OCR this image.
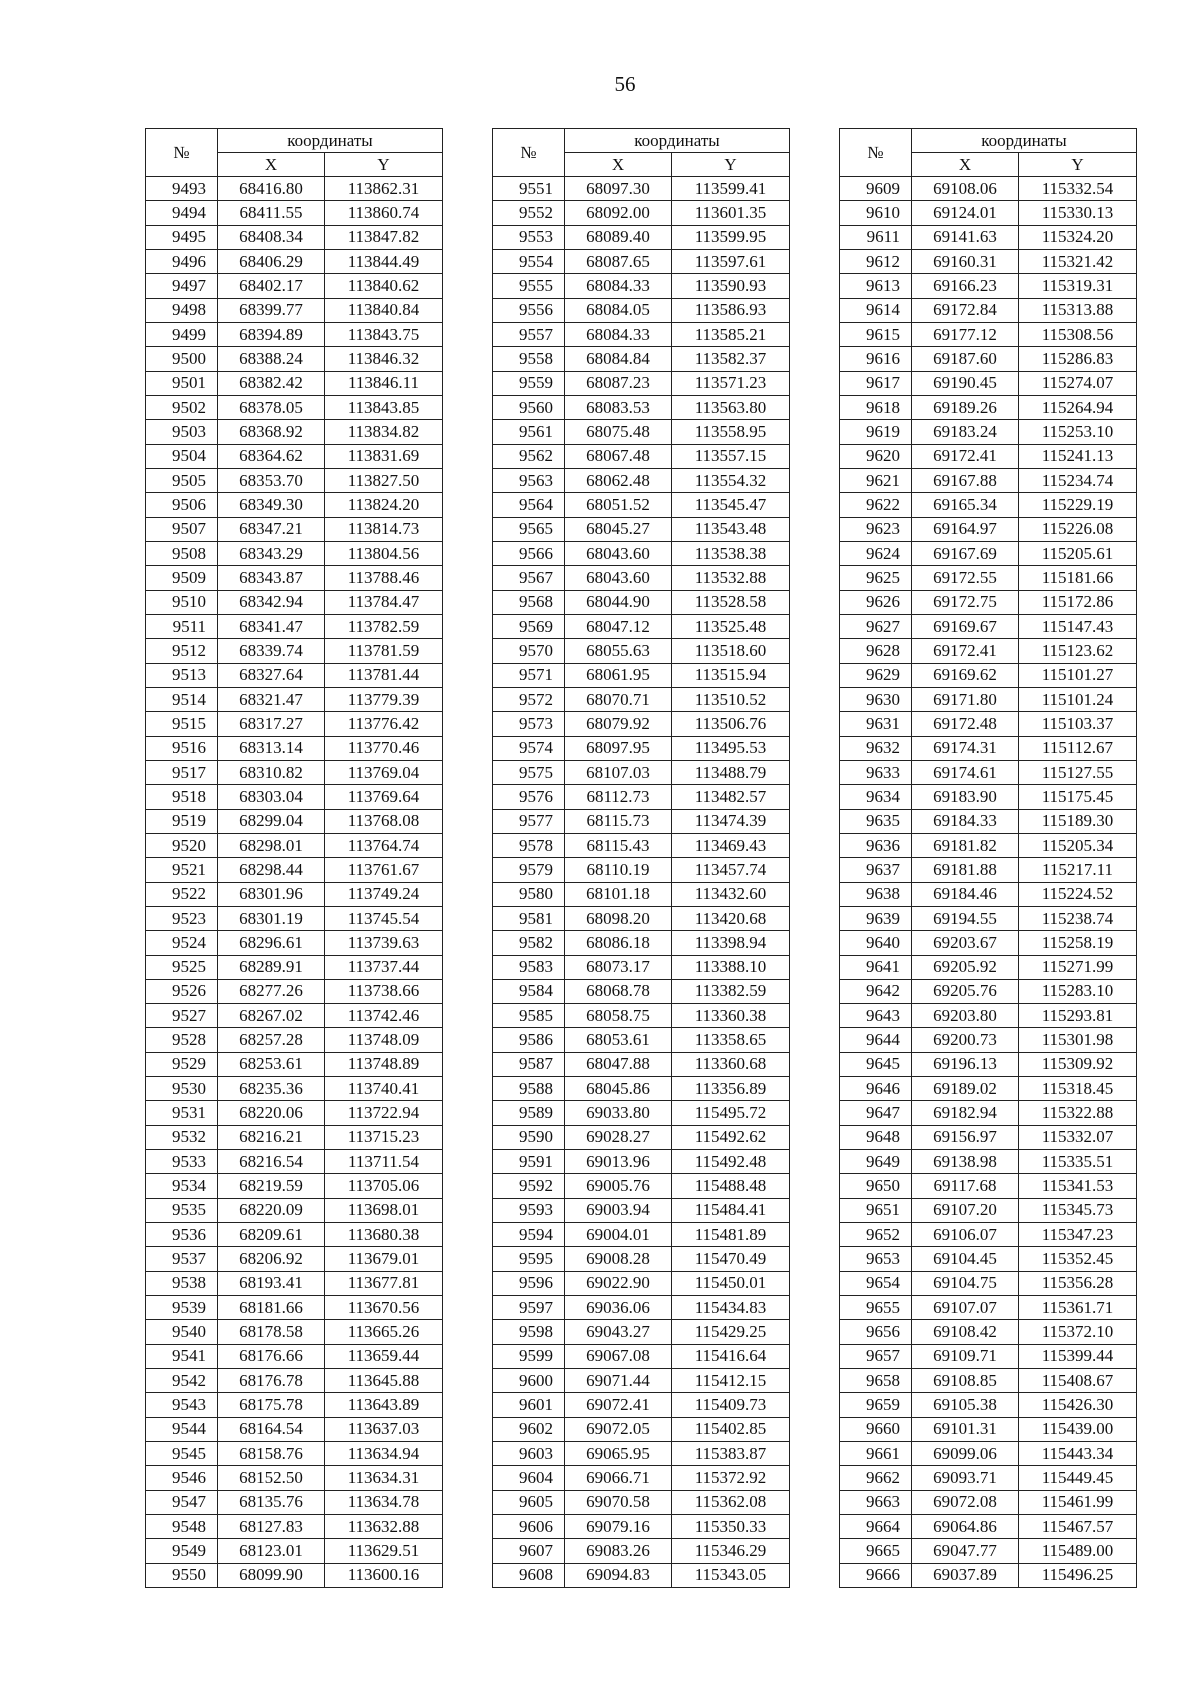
56
№	координаты	
	X	Y
9493	68416.80	113862.31
9494	68411.55	113860.74
9495	68408.34	113847.82
9496	68406.29	113844.49
9497	68402.17	113840.62
9498	68399.77	113840.84
9499	68394.89	113843.75
9500	68388.24	113846.32
9501	68382.42	113846.11
9502	68378.05	113843.85
9503	68368.92	113834.82
9504	68364.62	113831.69
9505	68353.70	113827.50
9506	68349.30	113824.20
9507	68347.21	113814.73
9508	68343.29	113804.56
9509	68343.87	113788.46
9510	68342.94	113784.47
9511	68341.47	113782.59
9512	68339.74	113781.59
9513	68327.64	113781.44
9514	68321.47	113779.39
9515	68317.27	113776.42
9516	68313.14	113770.46
9517	68310.82	113769.04
9518	68303.04	113769.64
9519	68299.04	113768.08
9520	68298.01	113764.74
9521	68298.44	113761.67
9522	68301.96	113749.24
9523	68301.19	113745.54
9524	68296.61	113739.63
9525	68289.91	113737.44
9526	68277.26	113738.66
9527	68267.02	113742.46
9528	68257.28	113748.09
9529	68253.61	113748.89
9530	68235.36	113740.41
9531	68220.06	113722.94
9532	68216.21	113715.23
9533	68216.54	113711.54
9534	68219.59	113705.06
9535	68220.09	113698.01
9536	68209.61	113680.38
9537	68206.92	113679.01
9538	68193.41	113677.81
9539	68181.66	113670.56
9540	68178.58	113665.26
9541	68176.66	113659.44
9542	68176.78	113645.88
9543	68175.78	113643.89
9544	68164.54	113637.03
9545	68158.76	113634.94
9546	68152.50	113634.31
9547	68135.76	113634.78
9548	68127.83	113632.88
9549	68123.01	113629.51
9550	68099.90	113600.16
№	координаты	
	X	Y
9551	68097.30	113599.41
9552	68092.00	113601.35
9553	68089.40	113599.95
9554	68087.65	113597.61
9555	68084.33	113590.93
9556	68084.05	113586.93
9557	68084.33	113585.21
9558	68084.84	113582.37
9559	68087.23	113571.23
9560	68083.53	113563.80
9561	68075.48	113558.95
9562	68067.48	113557.15
9563	68062.48	113554.32
9564	68051.52	113545.47
9565	68045.27	113543.48
9566	68043.60	113538.38
9567	68043.60	113532.88
9568	68044.90	113528.58
9569	68047.12	113525.48
9570	68055.63	113518.60
9571	68061.95	113515.94
9572	68070.71	113510.52
9573	68079.92	113506.76
9574	68097.95	113495.53
9575	68107.03	113488.79
9576	68112.73	113482.57
9577	68115.73	113474.39
9578	68115.43	113469.43
9579	68110.19	113457.74
9580	68101.18	113432.60
9581	68098.20	113420.68
9582	68086.18	113398.94
9583	68073.17	113388.10
9584	68068.78	113382.59
9585	68058.75	113360.38
9586	68053.61	113358.65
9587	68047.88	113360.68
9588	68045.86	113356.89
9589	69033.80	115495.72
9590	69028.27	115492.62
9591	69013.96	115492.48
9592	69005.76	115488.48
9593	69003.94	115484.41
9594	69004.01	115481.89
9595	69008.28	115470.49
9596	69022.90	115450.01
9597	69036.06	115434.83
9598	69043.27	115429.25
9599	69067.08	115416.64
9600	69071.44	115412.15
9601	69072.41	115409.73
9602	69072.05	115402.85
9603	69065.95	115383.87
9604	69066.71	115372.92
9605	69070.58	115362.08
9606	69079.16	115350.33
9607	69083.26	115346.29
9608	69094.83	115343.05
№	координаты	
	X	Y
9609	69108.06	115332.54
9610	69124.01	115330.13
9611	69141.63	115324.20
9612	69160.31	115321.42
9613	69166.23	115319.31
9614	69172.84	115313.88
9615	69177.12	115308.56
9616	69187.60	115286.83
9617	69190.45	115274.07
9618	69189.26	115264.94
9619	69183.24	115253.10
9620	69172.41	115241.13
9621	69167.88	115234.74
9622	69165.34	115229.19
9623	69164.97	115226.08
9624	69167.69	115205.61
9625	69172.55	115181.66
9626	69172.75	115172.86
9627	69169.67	115147.43
9628	69172.41	115123.62
9629	69169.62	115101.27
9630	69171.80	115101.24
9631	69172.48	115103.37
9632	69174.31	115112.67
9633	69174.61	115127.55
9634	69183.90	115175.45
9635	69184.33	115189.30
9636	69181.82	115205.34
9637	69181.88	115217.11
9638	69184.46	115224.52
9639	69194.55	115238.74
9640	69203.67	115258.19
9641	69205.92	115271.99
9642	69205.76	115283.10
9643	69203.80	115293.81
9644	69200.73	115301.98
9645	69196.13	115309.92
9646	69189.02	115318.45
9647	69182.94	115322.88
9648	69156.97	115332.07
9649	69138.98	115335.51
9650	69117.68	115341.53
9651	69107.20	115345.73
9652	69106.07	115347.23
9653	69104.45	115352.45
9654	69104.75	115356.28
9655	69107.07	115361.71
9656	69108.42	115372.10
9657	69109.71	115399.44
9658	69108.85	115408.67
9659	69105.38	115426.30
9660	69101.31	115439.00
9661	69099.06	115443.34
9662	69093.71	115449.45
9663	69072.08	115461.99
9664	69064.86	115467.57
9665	69047.77	115489.00
9666	69037.89	115496.25
